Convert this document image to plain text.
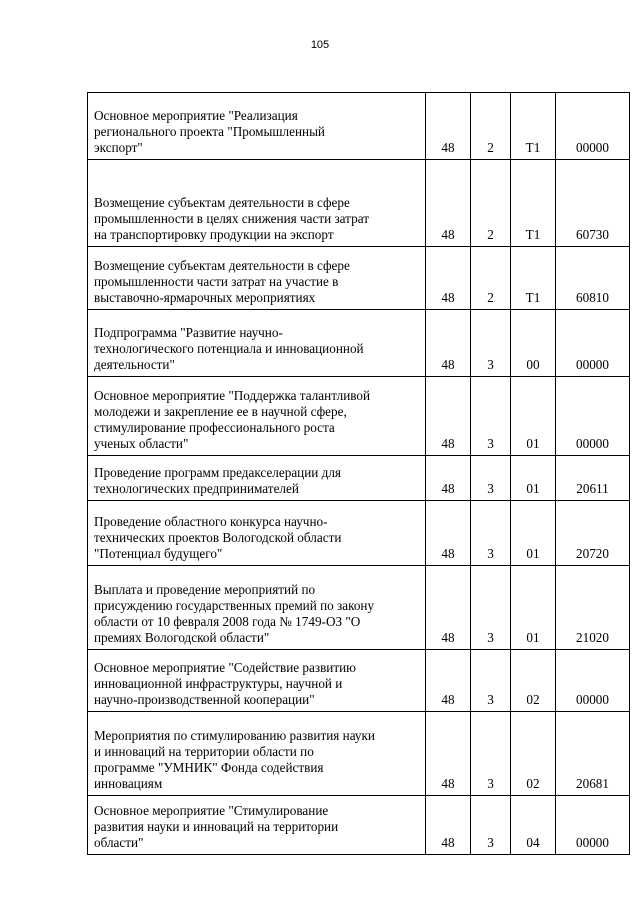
105
Основное мероприятие "Реализация
регионального проекта "Промышленный
экспорт"	48	2	Т1	00000

Возмещение субъектам деятельности в сфере
промышленности в целях снижения части затрат
на транспортировку продукции на экспорт	48	2	Т1	60730

Возмещение субъектам деятельности в сфере
промышленности части затрат на участие в
выставочно-ярмарочных мероприятиях	48	2	Т1	60810

Подпрограмма "Развитие научно-
технологического потенциала и инновационной
деятельности"	48	3	00	00000

Основное мероприятие "Поддержка талантливой
молодежи и закрепление ее в научной сфере,
стимулирование профессионального роста
ученых области"	48	3	01	00000

Проведение программ предакселерации для
технологических предпринимателей	48	3	01	20611

Проведение областного конкурса научно-
технических проектов Вологодской области
"Потенциал будущего"	48	3	01	20720

Выплата и проведение мероприятий по
присуждению государственных премий по закону
области от 10 февраля 2008 года № 1749-ОЗ "О
премиях Вологодской области"	48	3	01	21020

Основное мероприятие "Содействие развитию
инновационной инфраструктуры, научной и
научно-производственной кооперации"	48	3	02	00000

Мероприятия по стимулированию развития науки
и инноваций на территории области по
программе "УМНИК" Фонда содействия
инновациям	48	3	02	20681

Основное мероприятие "Стимулирование
развития науки и инноваций на территории
области"	48	3	04	00000
